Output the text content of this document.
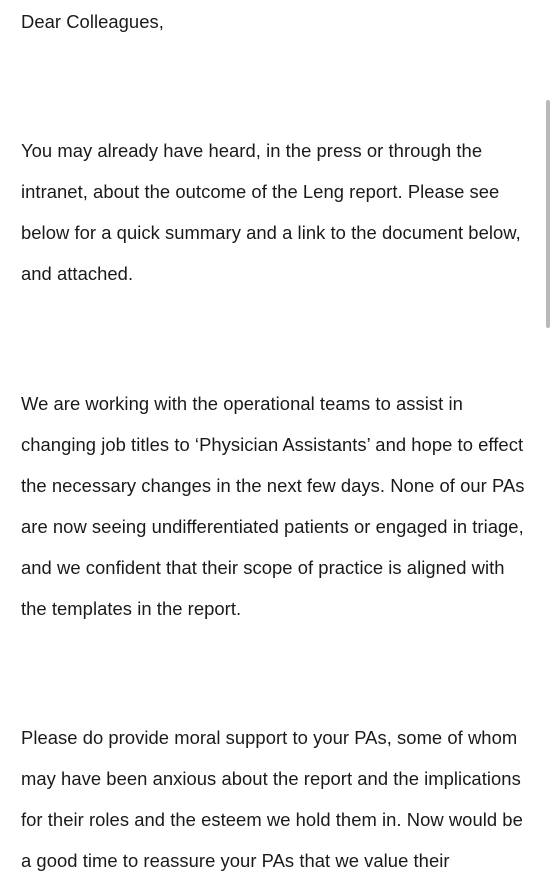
Dear Colleagues,

You may already have heard, in the press or through the
intranet, about the outcome of the Leng report. Please see
below for a quick summary and a link to the document below,
and attached.

We are working with the operational teams to assist in
changing job titles to ‘Physician Assistants’ and hope to effect
the necessary changes in the next few days. None of our PAs
are now seeing undifferentiated patients or engaged in triage,
and we confident that their scope of practice is aligned with
the templates in the report.

Please do provide moral support to your PAs, some of whom
may have been anxious about the report and the implications
for their roles and the esteem we hold them in. Now would be
a good time to reassure your PAs that we value their
